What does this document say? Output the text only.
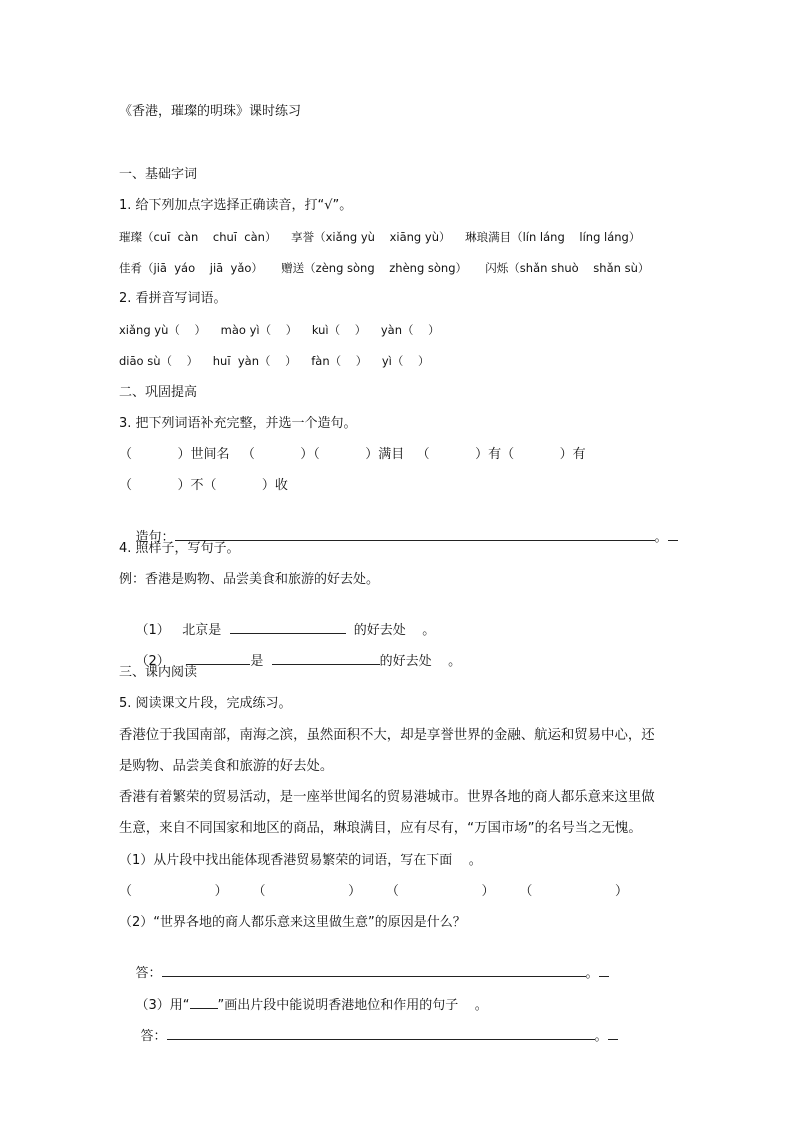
《香港，璀璨的明珠》课时练习
一、基础字词
1. 给下列加点字选择正确读音，打“√”。
璀璨（cuī  càn    chuī  càn）    享誉（xiǎng yù    xiāng yù）    琳琅满目（lín láng    líng láng）
佳肴（jiā  yáo    jiā  yǎo）     赠送（zèng sòng    zhèng sòng）     闪烁（shǎn shuò    shǎn sù）
2. 看拼音写词语。
xiǎng yù（    ）    mào yì（    ）    kuì（    ）    yàn（    ）
diāo sù（    ）    huī  yàn（    ）    fàn（    ）    yì（    ）
二、巩固提高
3. 把下列词语补充完整，并选一个造句。
（           ）世间名   （           ）（           ）满目   （           ）有（           ）有
（           ）不（           ）收

造句：	。

4. 照样子，写句子。
例：香港是购物、品尝美食和旅游的好去处。

（1） 北京是	的好去处    。

（2）	是	的好去处    。

三、课内阅读
5. 阅读课文片段，完成练习。
香港位于我国南部，南海之滨，虽然面积不大，却是享誉世界的金融、航运和贸易中心，还
是购物、品尝美食和旅游的好去处。
香港有着繁荣的贸易活动，是一座举世闻名的贸易港城市。世界各地的商人都乐意来这里做
生意，来自不同国家和地区的商品，琳琅满目，应有尽有，“万国市场”的名号当之无愧。
（1）从片段中找出能体现香港贸易繁荣的词语，写在下面    。
（                    ）      （                    ）      （                    ）      （                    ）
（2）“世界各地的商人都乐意来这里做生意”的原因是什么？

答：	。

（3）用“ ”画出片段中能说明香港地位和作用的句子    。

答：	。
